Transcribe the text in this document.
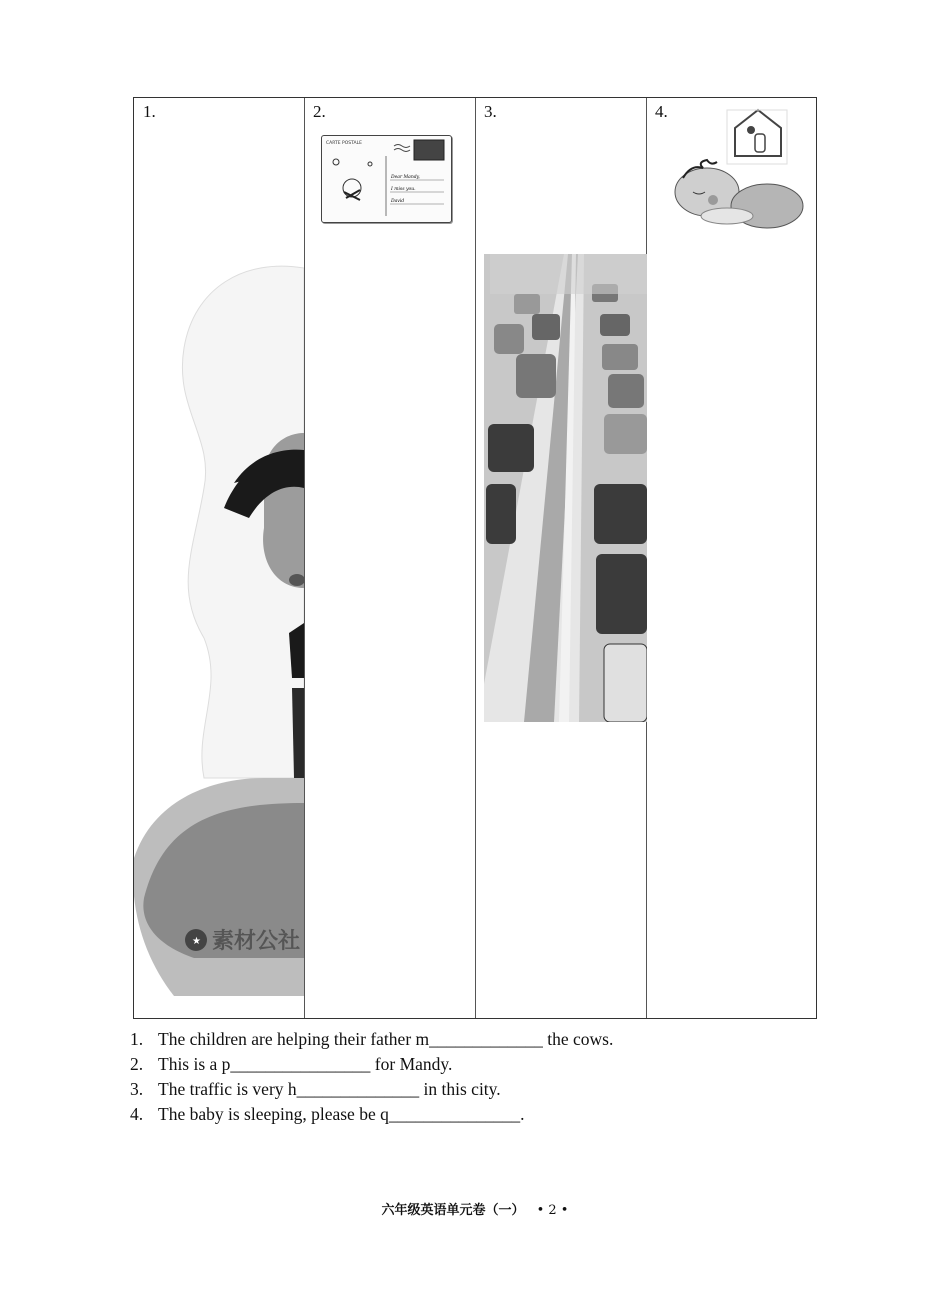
1.	2.	3.	4.
★ 素材公社
CARTE POSTALE
Dear Mandy,
I miss you.
David
1. The children are helping their father m_____________ the cows.
2. This is a p________________ for Mandy.
3. The traffic is very h______________ in this city.
4. The baby is sleeping, please be q_______________.
六年级英语单元卷（一） • 2 •
